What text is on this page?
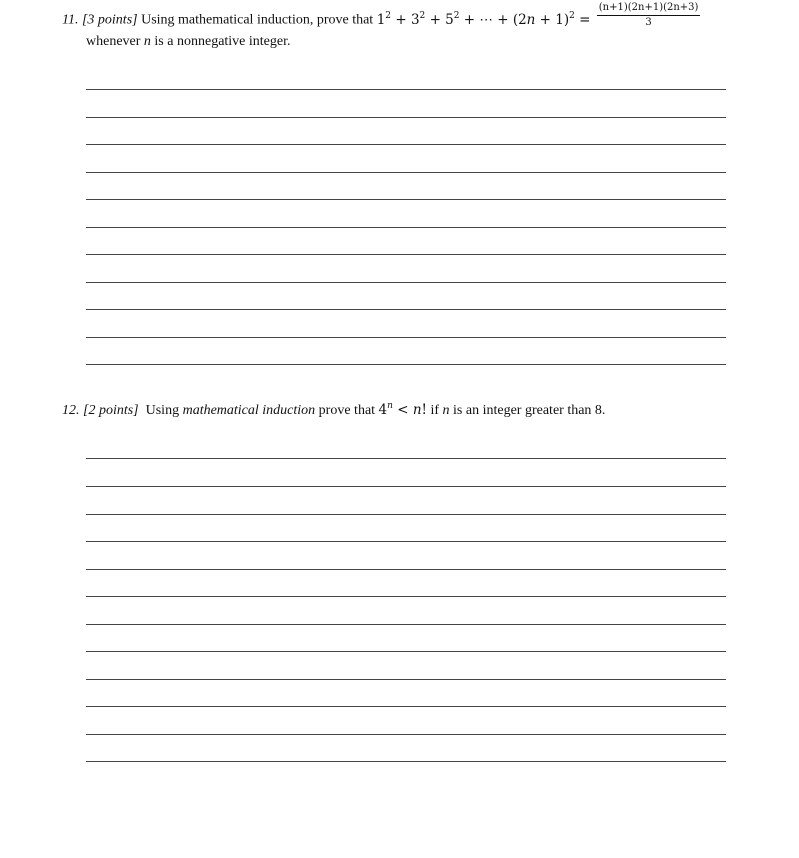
11. [3 points] Using mathematical induction, prove that $1^2 + 3^2 + 5^2$ + ⋯ + $(2n + 1)^2 = \frac{(n+1)(2n+1)(2n+3)}{3}$
whenever n is a nonnegative integer.
12. [2 points] Using mathematical induction prove that $4^n < n$! if n is an integer greater than 8.
